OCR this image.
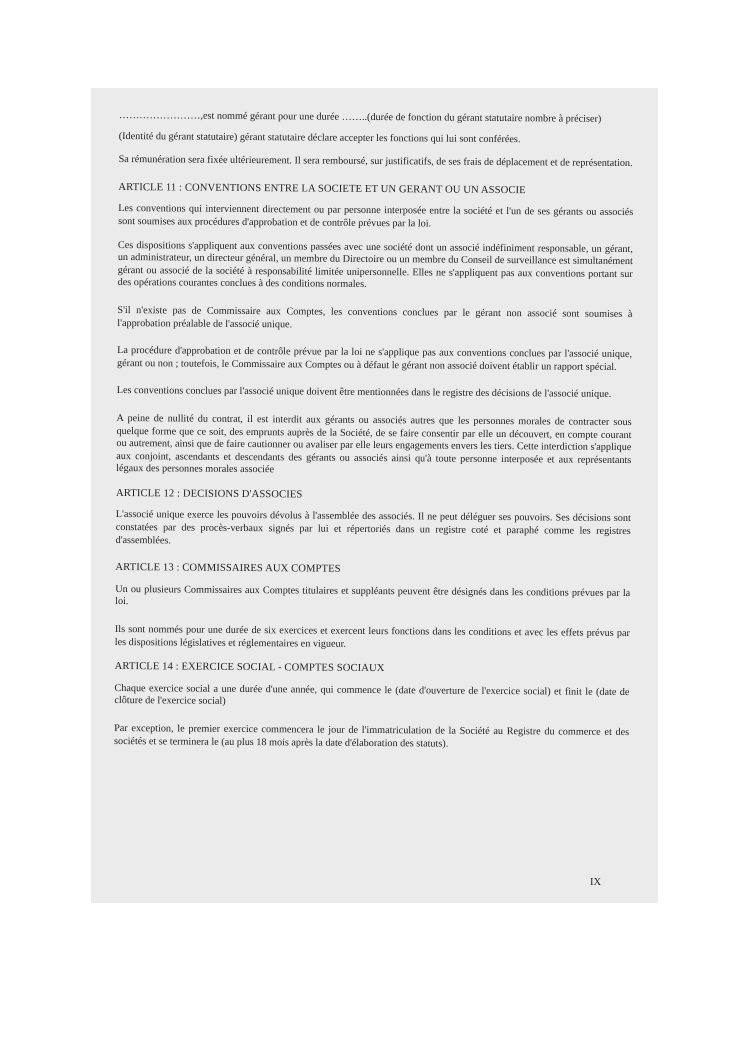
……………………,est nommé gérant pour une durée ……..(durée de fonction du gérant statutaire nombre à préciser)

(Identité du gérant statutaire) gérant statutaire déclare accepter les fonctions qui lui sont conférées.

Sa rémunération sera fixée ultérieurement. Il sera remboursé, sur justificatifs, de ses frais de déplacement et de représentation.

ARTICLE 11 : CONVENTIONS ENTRE LA SOCIETE ET UN GERANT OU UN ASSOCIE

Les conventions qui interviennent directement ou par personne interposée entre la société et l'un de ses gérants ou associés sont soumises aux procédures d'approbation et de contrôle prévues par la loi.

Ces dispositions s'appliquent aux conventions passées avec une société dont un associé indéfiniment responsable, un gérant, un administrateur, un directeur général, un membre du Directoire ou un membre du Conseil de surveillance est simultanément gérant ou associé de la société à responsabilité limitée unipersonnelle. Elles ne s'appliquent pas aux conventions portant sur des opérations courantes conclues à des conditions normales.

S'il n'existe pas de Commissaire aux Comptes, les conventions conclues par le gérant non associé sont soumises à l'approbation préalable de l'associé unique.

La procédure d'approbation et de contrôle prévue par la loi ne s'applique pas aux conventions conclues par l'associé unique, gérant ou non ; toutefois, le Commissaire aux Comptes ou à défaut le gérant non associé doivent établir un rapport spécial.

Les conventions conclues par l'associé unique doivent être mentionnées dans le registre des décisions de l'associé unique.

A peine de nullité du contrat, il est interdit aux gérants ou associés autres que les personnes morales de contracter sous quelque forme que ce soit, des emprunts auprès de la Société, de se faire consentir par elle un découvert, en compte courant ou autrement, ainsi que de faire cautionner ou avaliser par elle leurs engagements envers les tiers. Cette interdiction s'applique aux conjoint, ascendants et descendants des gérants ou associés ainsi qu'à toute personne interposée et aux représentants légaux des personnes morales associée

ARTICLE 12 : DECISIONS D'ASSOCIES

L'associé unique exerce les pouvoirs dévolus à l'assemblée des associés. Il ne peut déléguer ses pouvoirs. Ses décisions sont constatées par des procès-verbaux signés par lui et répertoriés dans un registre coté et paraphé comme les registres d'assemblées.

ARTICLE 13 : COMMISSAIRES AUX COMPTES

Un ou plusieurs Commissaires aux Comptes titulaires et suppléants peuvent être désignés dans les conditions prévues par la loi.

Ils sont nommés pour une durée de six exercices et exercent leurs fonctions dans les conditions et avec les effets prévus par les dispositions législatives et réglementaires en vigueur.

ARTICLE 14 : EXERCICE SOCIAL - COMPTES SOCIAUX

Chaque exercice social a une durée d'une année, qui commence le (date d'ouverture de l'exercice social) et finit le (date de clôture de l'exercice social)

Par exception, le premier exercice commencera le jour de l'immatriculation de la Société au Registre du commerce et des sociétés et se terminera le (au plus 18 mois après la date d'élaboration des statuts).

IX
